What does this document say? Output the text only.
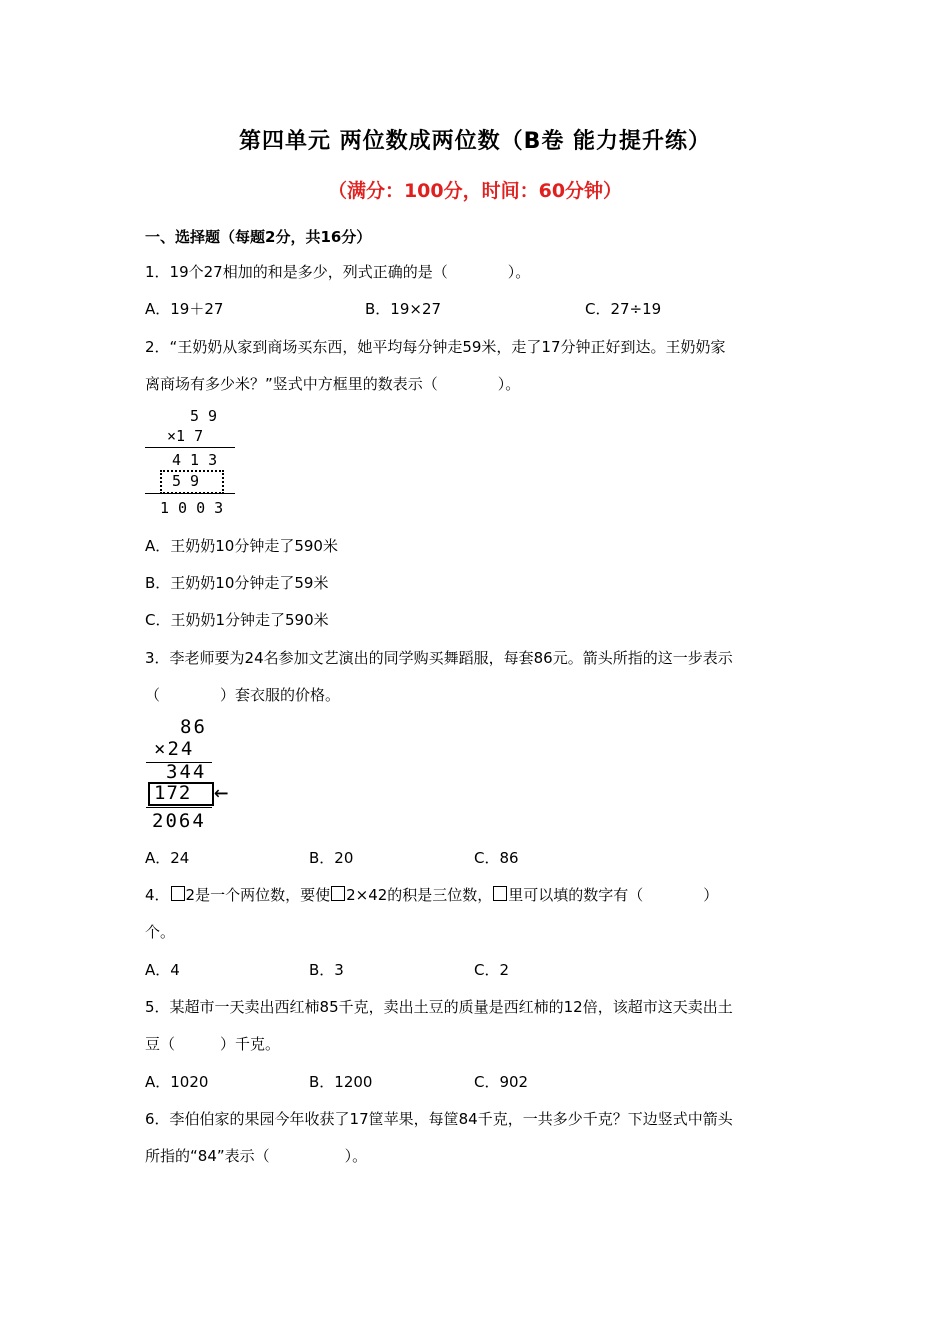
第四单元 两位数成两位数（B卷 能力提升练）
（满分：100分，时间：60分钟）
一、选择题（每题2分，共16分）
1．19个27相加的和是多少，列式正确的是（　　　　）。
A．19＋27	B．19×27	C．27÷19
2．“王奶奶从家到商场买东西，她平均每分钟走59米，走了17分钟正好到达。王奶奶家
离商场有多少米？”竖式中方框里的数表示（　　　　）。
5 9
×1 7
4 1 3
5 9
1 0 0 3
A．王奶奶10分钟走了590米
B．王奶奶10分钟走了59米
C．王奶奶1分钟走了590米
3．李老师要为24名参加文艺演出的同学购买舞蹈服，每套86元。箭头所指的这一步表示
（　　　　）套衣服的价格。
86
×24
344
172 ←
2064
A．24	B．20	C．86
4． 2是一个两位数，要使 2×42的积是三位数， 里可以填的数字有（　　　　）
个。
A．4	B．3	C．2
5．某超市一天卖出西红柿85千克，卖出土豆的质量是西红柿的12倍，该超市这天卖出土
豆（　　　）千克。
A．1020	B．1200	C．902
6．李伯伯家的果园今年收获了17筐苹果，每筐84千克，一共多少千克？下边竖式中箭头
所指的“84”表示（　　　　　）。
